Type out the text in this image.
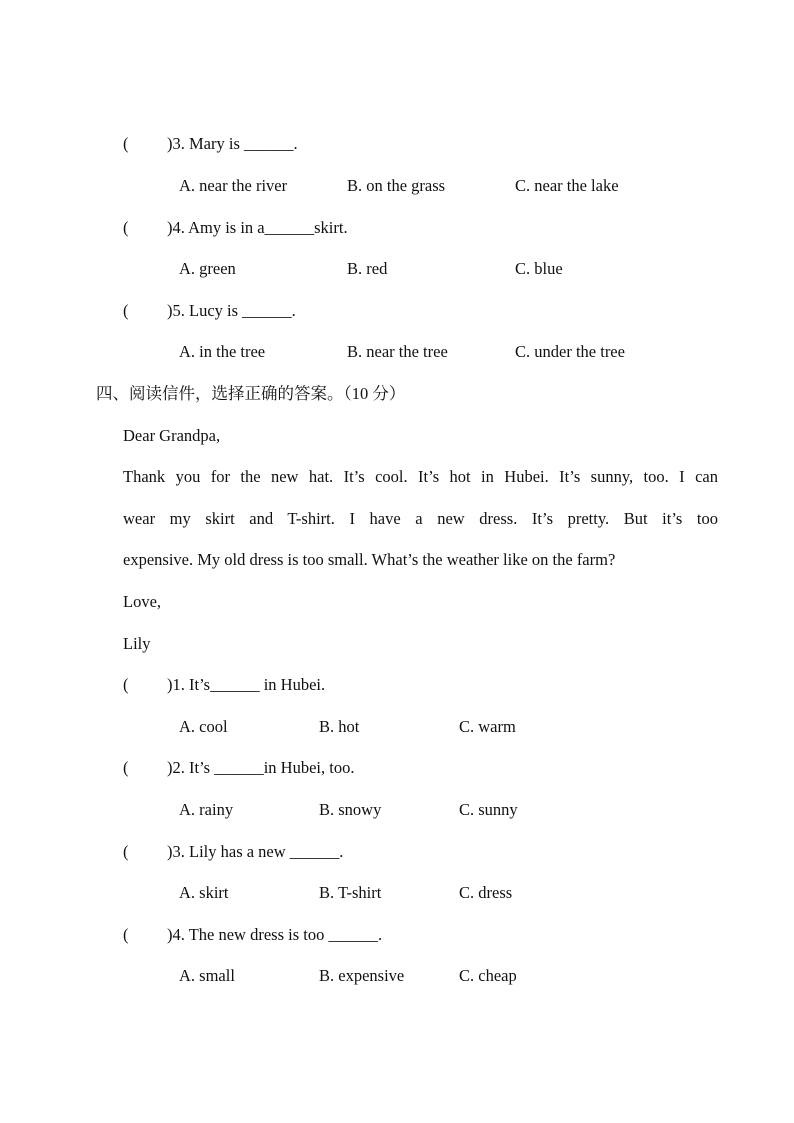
( )3. Mary is ______.
A. near the river	B. on the grass	C. near the lake
( )4. Amy is in a______skirt.
A. green	B. red	C. blue
( )5. Lucy is ______.
A. in the tree	B. near the tree	C. under the tree
四、阅读信件，选择正确的答案。（10 分）
Dear Grandpa,
Thank you for the new hat. It’s cool. It’s hot in Hubei. It’s sunny, too. I can
wear my skirt and T-shirt. I have a new dress. It’s pretty. But it’s too
expensive. My old dress is too small. What’s the weather like on the farm?
Love,
Lily
( )1. It’s______ in Hubei.
A. cool	B. hot	C. warm
( )2. It’s ______in Hubei, too.
A. rainy	B. snowy	C. sunny
( )3. Lily has a new ______.
A. skirt	B. T-shirt	C. dress
( )4. The new dress is too ______.
A. small	B. expensive	C. cheap
